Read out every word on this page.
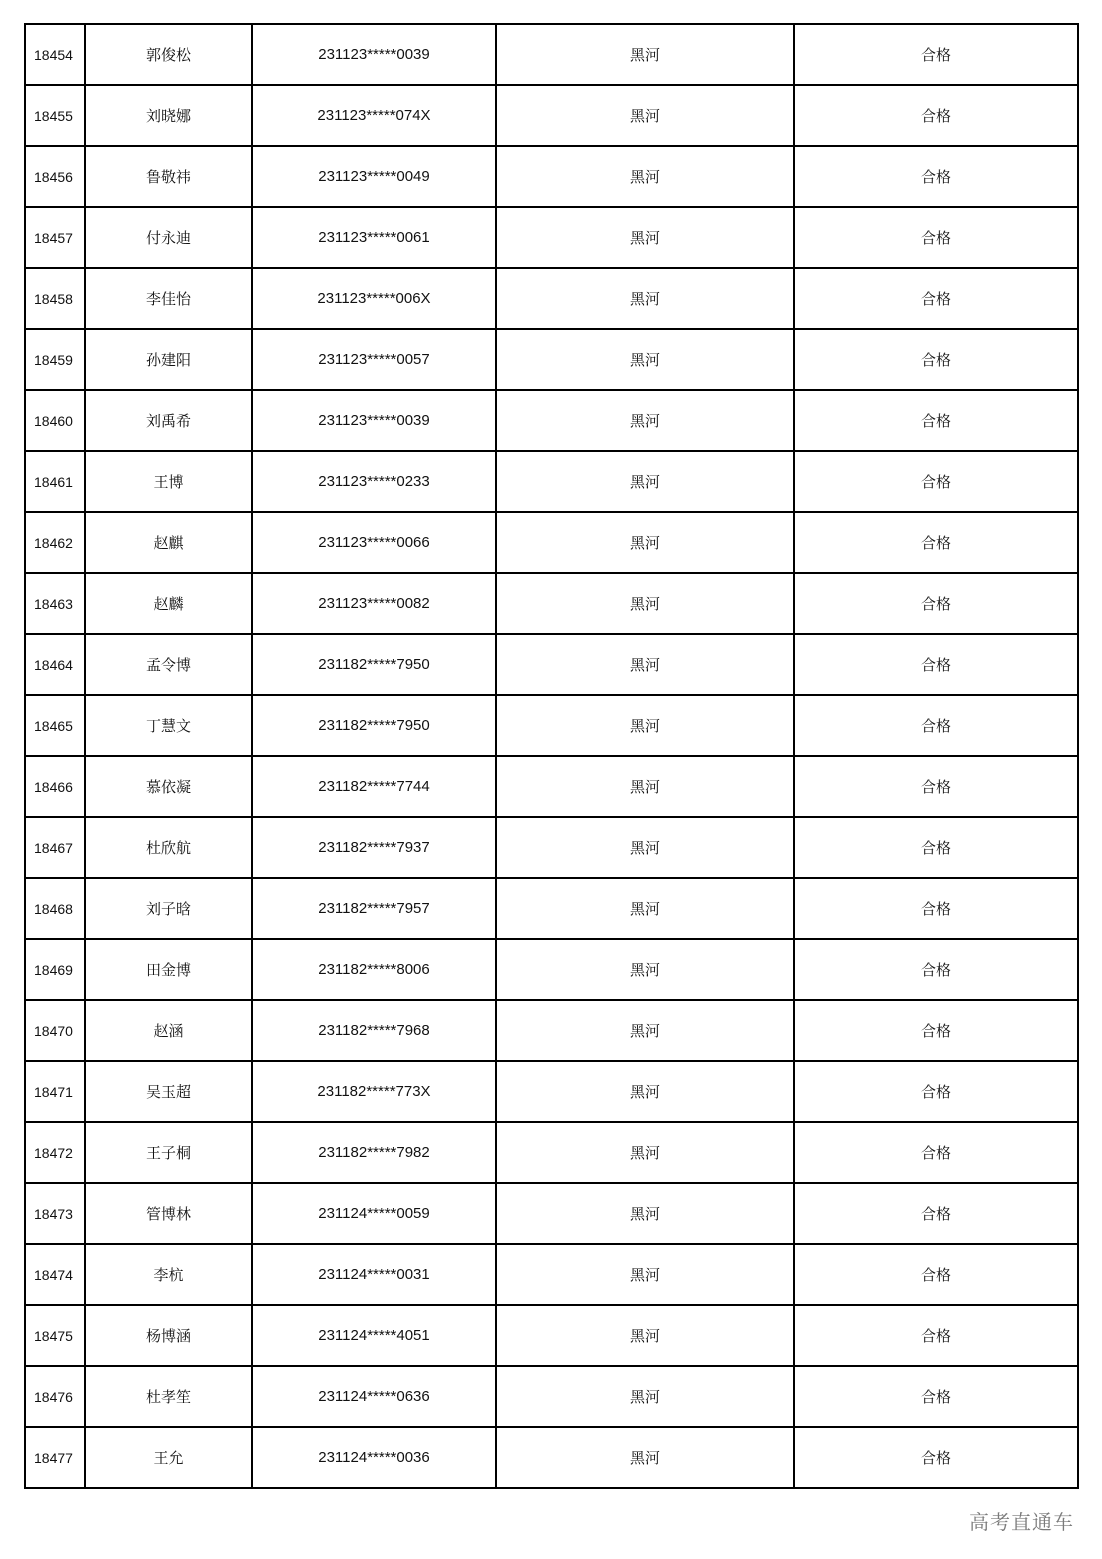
18454	郭俊松	231123*****0039	黑河	合格
18455	刘晓娜	231123*****074X	黑河	合格
18456	鲁敬祎	231123*****0049	黑河	合格
18457	付永迪	231123*****0061	黑河	合格
18458	李佳怡	231123*****006X	黑河	合格
18459	孙建阳	231123*****0057	黑河	合格
18460	刘禹希	231123*****0039	黑河	合格
18461	王博	231123*****0233	黑河	合格
18462	赵麒	231123*****0066	黑河	合格
18463	赵麟	231123*****0082	黑河	合格
18464	孟令博	231182*****7950	黑河	合格
18465	丁慧文	231182*****7950	黑河	合格
18466	慕依凝	231182*****7744	黑河	合格
18467	杜欣航	231182*****7937	黑河	合格
18468	刘子晗	231182*****7957	黑河	合格
18469	田金博	231182*****8006	黑河	合格
18470	赵涵	231182*****7968	黑河	合格
18471	吴玉超	231182*****773X	黑河	合格
18472	王子桐	231182*****7982	黑河	合格
18473	管博林	231124*****0059	黑河	合格
18474	李杭	231124*****0031	黑河	合格
18475	杨博涵	231124*****4051	黑河	合格
18476	杜孝笙	231124*****0636	黑河	合格
18477	王允	231124*****0036	黑河	合格
高考直通车
